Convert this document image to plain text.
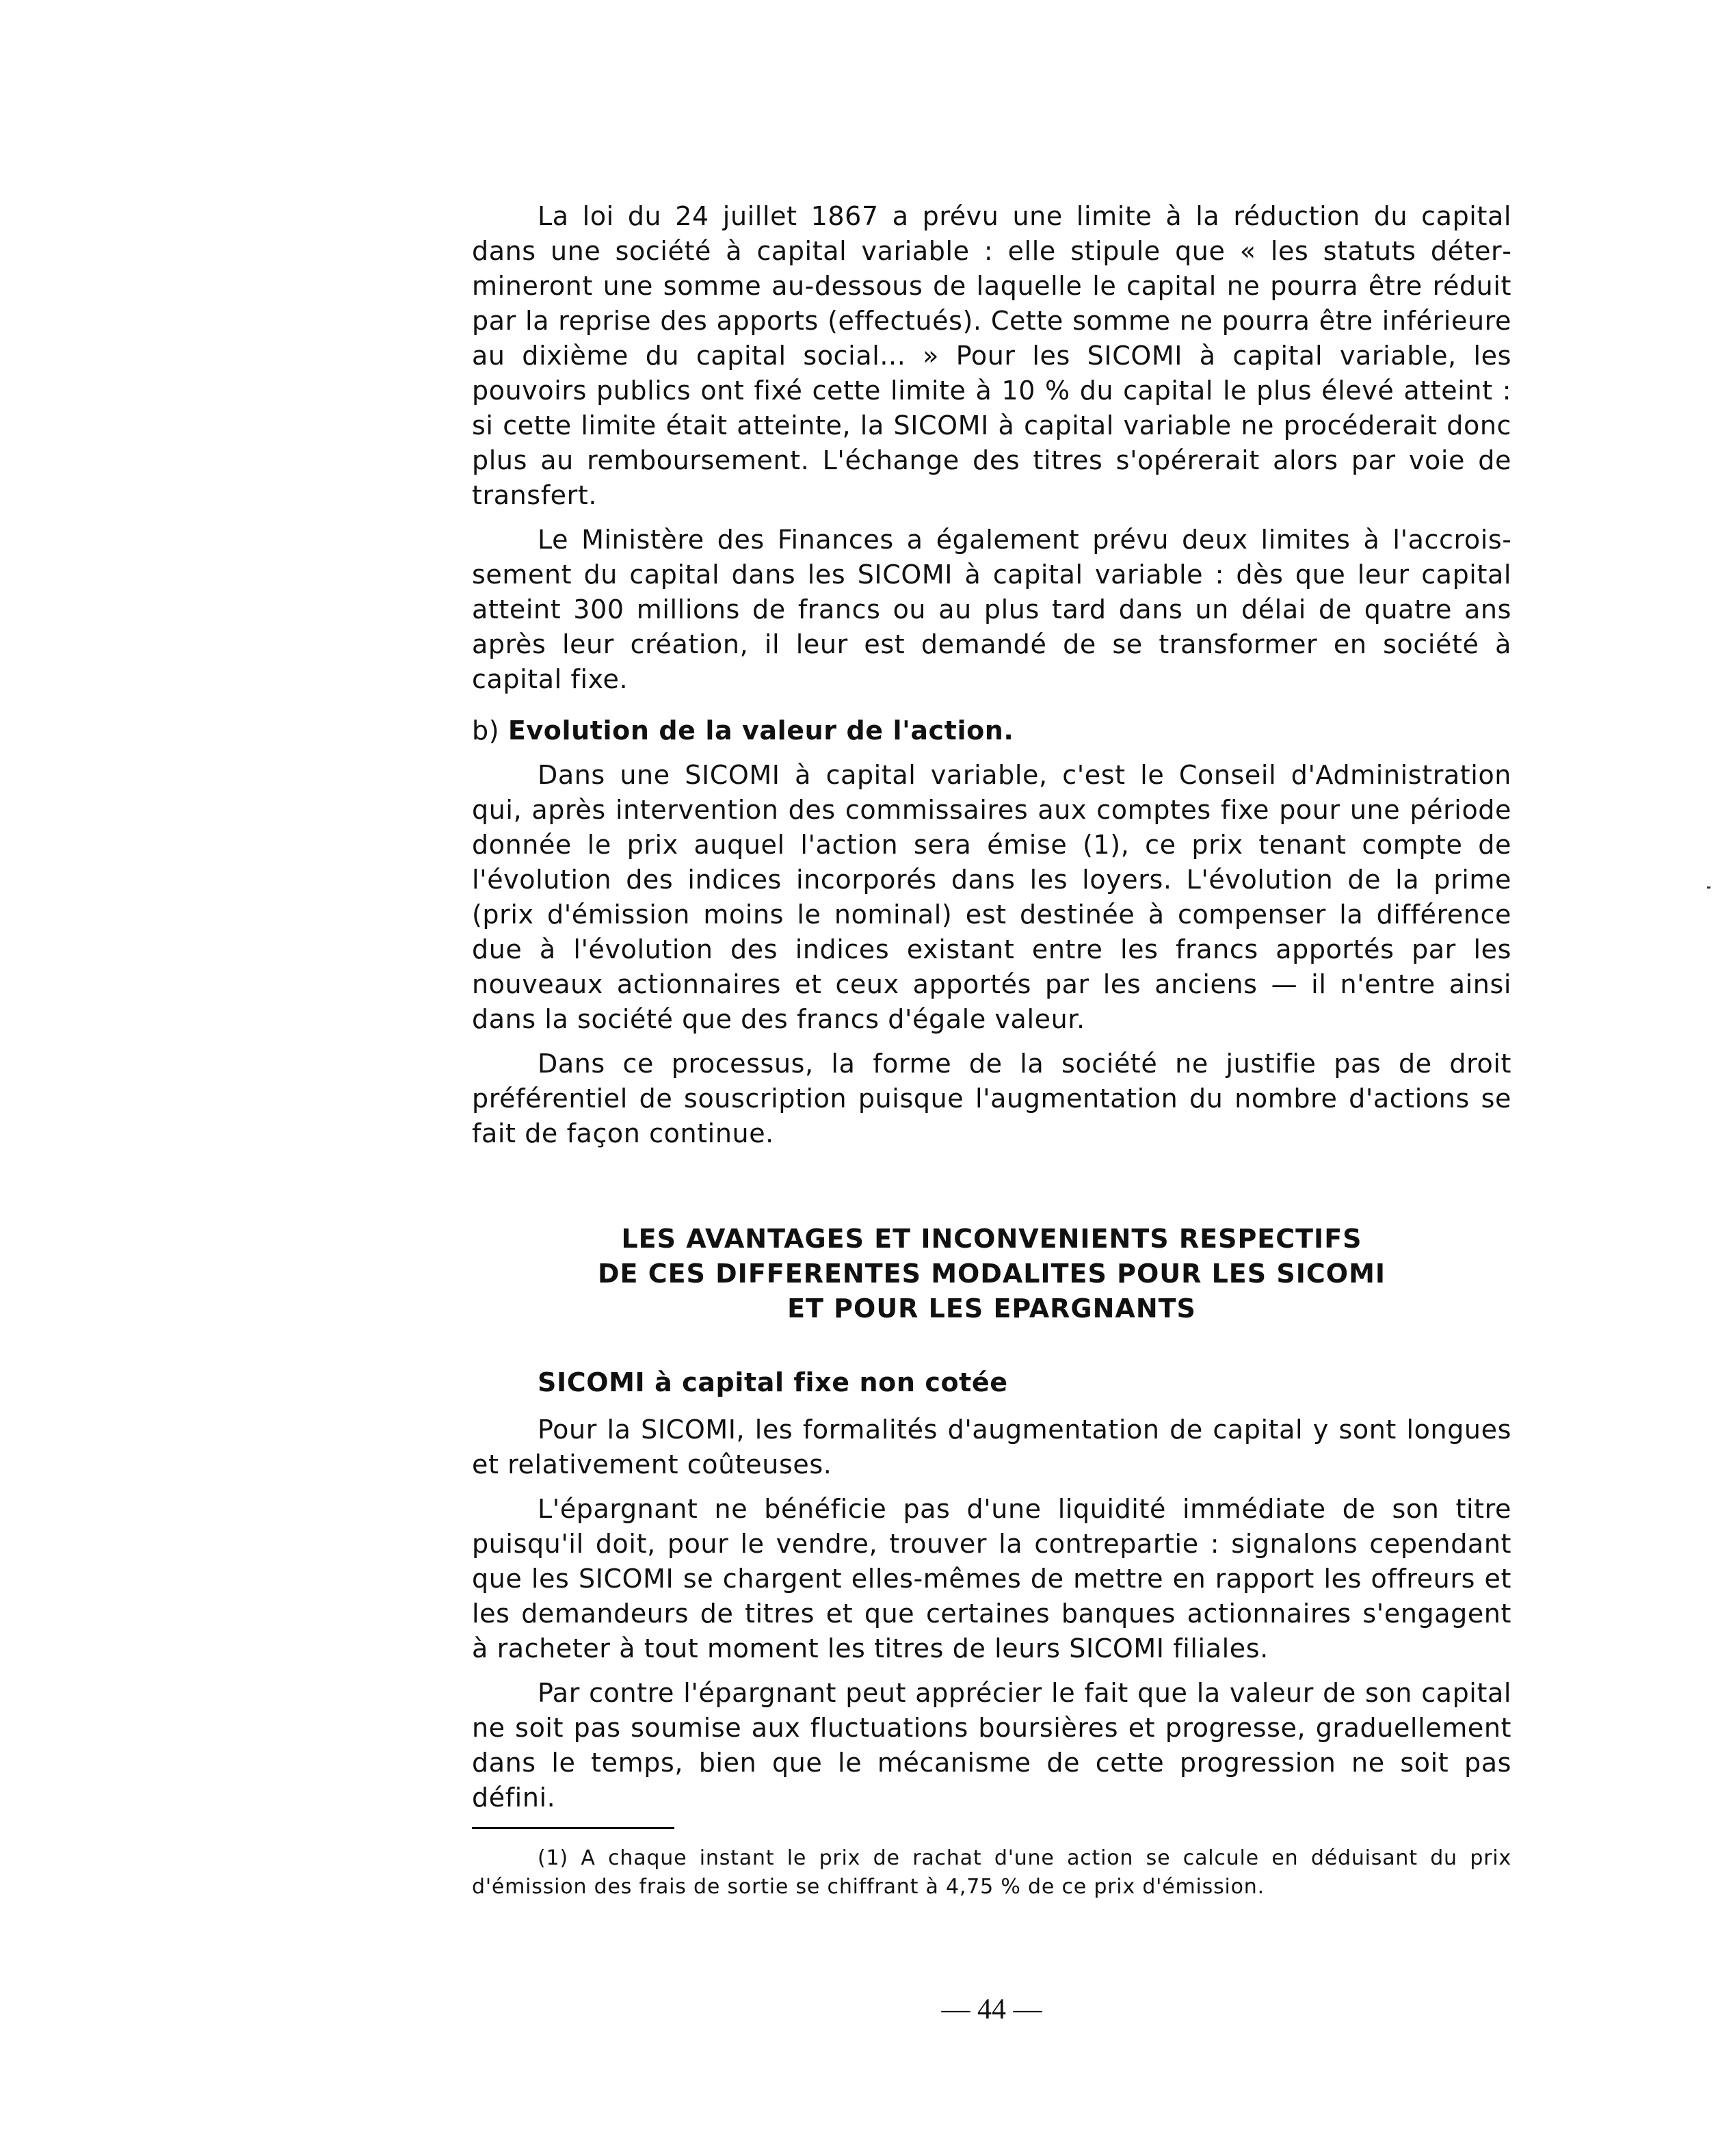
La loi du 24 juillet 1867 a prévu une limite à la réduction du capital dans une société à capital variable : elle stipule que « les statuts détermineront une somme au-dessous de laquelle le capital ne pourra être réduit par la reprise des apports (effectués). Cette somme ne pourra être inférieure au dixième du capital social... » Pour les SICOMI à capital variable, les pouvoirs publics ont fixé cette limite à 10 % du capital le plus élevé atteint : si cette limite était atteinte, la SICOMI à capital variable ne procéderait donc plus au remboursement. L'échange des titres s'opérerait alors par voie de transfert.

Le Ministère des Finances a également prévu deux limites à l'accroissement du capital dans les SICOMI à capital variable : dès que leur capital atteint 300 millions de francs ou au plus tard dans un délai de quatre ans après leur création, il leur est demandé de se transformer en société à capital fixe.

b) Evolution de la valeur de l'action.

Dans une SICOMI à capital variable, c'est le Conseil d'Administration qui, après intervention des commissaires aux comptes fixe pour une période donnée le prix auquel l'action sera émise (1), ce prix tenant compte de l'évolution des indices incorporés dans les loyers. L'évolution de la prime (prix d'émission moins le nominal) est destinée à compenser la différence due à l'évolution des indices existant entre les francs apportés par les nouveaux actionnaires et ceux apportés par les anciens — il n'entre ainsi dans la société que des francs d'égale valeur.

Dans ce processus, la forme de la société ne justifie pas de droit préférentiel de souscription puisque l'augmentation du nombre d'actions se fait de façon continue.

LES AVANTAGES ET INCONVENIENTS RESPECTIFS
DE CES DIFFERENTES MODALITES POUR LES SICOMI
ET POUR LES EPARGNANTS

SICOMI à capital fixe non cotée

Pour la SICOMI, les formalités d'augmentation de capital y sont longues et relativement coûteuses.

L'épargnant ne bénéficie pas d'une liquidité immédiate de son titre puisqu'il doit, pour le vendre, trouver la contrepartie : signalons cependant que les SICOMI se chargent elles-mêmes de mettre en rapport les offreurs et les demandeurs de titres et que certaines banques actionnaires s'engagent à racheter à tout moment les titres de leurs SICOMI filiales.

Par contre l'épargnant peut apprécier le fait que la valeur de son capital ne soit pas soumise aux fluctuations boursières et progresse, graduellement dans le temps, bien que le mécanisme de cette progression ne soit pas défini.

(1) A chaque instant le prix de rachat d'une action se calcule en déduisant du prix d'émission des frais de sortie se chiffrant à 4,75 % de ce prix d'émission.

— 44 —
